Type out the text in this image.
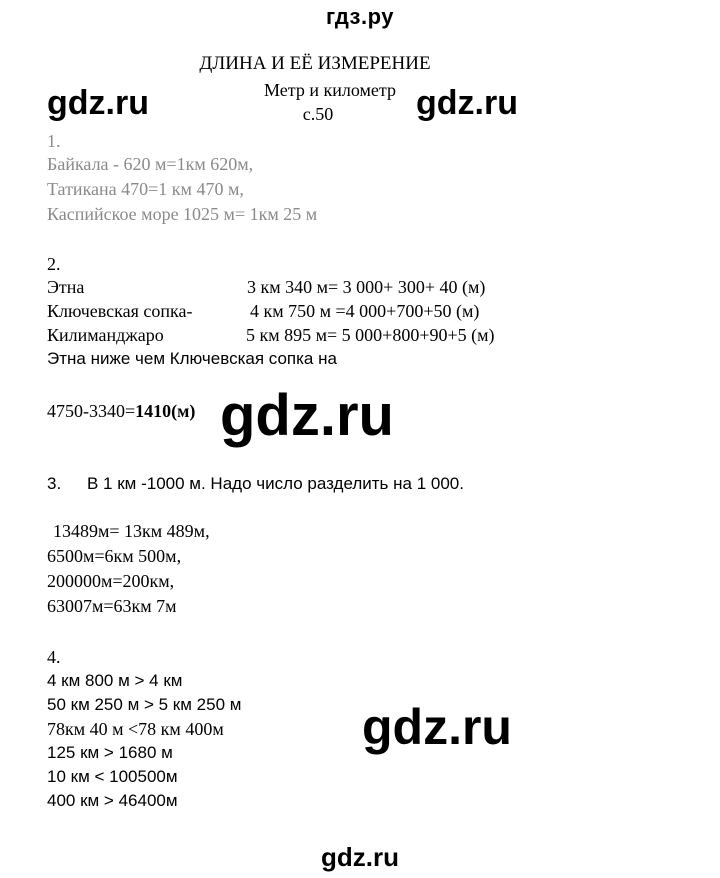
гдз.ру
ДЛИНА И ЕЁ ИЗМЕРЕНИЕ
Метр и километр
с.50
gdz.ru	gdz.ru
gdz.ru
gdz.ru
gdz.ru
1.
Байкала - 620 м=1км 620м,
Татикана 470=1 км 470 м,
Каспийское море 1025 м= 1км 25 м
2.
Этна	3 км 340 м= 3 000+ 300+ 40 (м)
Ключевская сопка-	4 км 750 м =4 000+700+50 (м)
Килиманджаро	5 км 895 м= 5 000+800+90+5 (м)
Этна ниже чем Ключевская сопка на
4750-3340=1410(м)
3. В 1 км -1000 м. Надо число разделить на 1 000.
13489м= 13км 489м,
6500м=6км 500м,
200000м=200км,
63007м=63км 7м
4.
4 км 800 м > 4 км
50 км 250 м > 5 км 250 м
78км 40 м <78 км 400м
125 км > 1680 м
10 км < 100500м
400 км > 46400м
